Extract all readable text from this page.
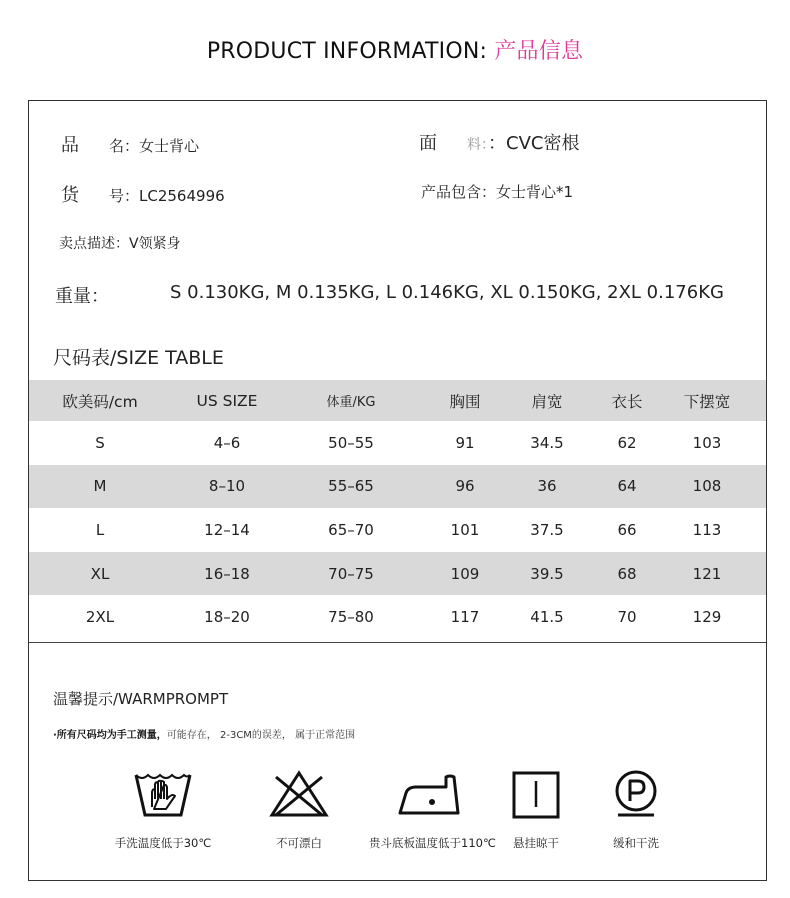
PRODUCT INFORMATION: 产品信息
品 名：女士背心	面 料：：CVC密根
货 号：LC2564996	产品包含：女士背心*1
卖点描述：V领紧身
重量：	S 0.130KG, M 0.135KG, L 0.146KG, XL 0.150KG, 2XL 0.176KG
尺码表/SIZE TABLE
欧美码/cm	US SIZE	体重/KG	胸围	肩宽	衣长	下摆宽
S	4–6	50–55	91	34.5	62	103
M	8–10	55–65	96	36	64	108
L	12–14	65–70	101	37.5	66	113
XL	16–18	70–75	109	39.5	68	121
2XL	18–20	75–80	117	41.5	70	129
温馨提示/WARMPROMPT
·所有尺码均为手工测量，可能存在， 2-3CM的误差， 属于正常范围
手洗温度低于30℃	不可漂白	贵斗底板温度低于110℃	悬挂晾干	缓和干洗
